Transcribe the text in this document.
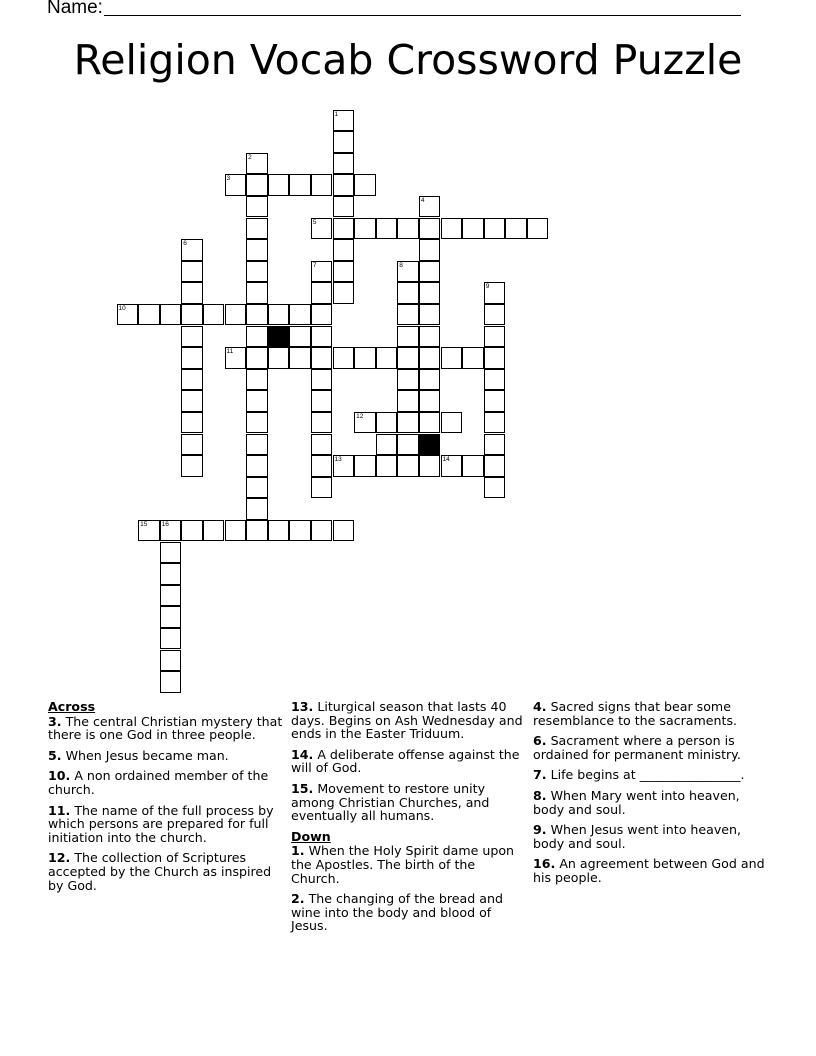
Name:
Religion Vocab Crossword Puzzle
1
2
3
4
5
6
7	8
9
10
11
12
13	14
15 16
Across
3. The central Christian mystery that there is one God in three people.
5. When Jesus became man.
10. A non ordained member of the church.
11. The name of the full process by which persons are prepared for full initiation into the church.
12. The collection of Scriptures accepted by the Church as inspired by God.
13. Liturgical season that lasts 40 days. Begins on Ash Wednesday and ends in the Easter Triduum.
14. A deliberate offense against the will of God.
15. Movement to restore unity among Christian Churches, and eventually all humans.
Down
1. When the Holy Spirit dame upon the Apostles. The birth of the Church.
2. The changing of the bread and wine into the body and blood of Jesus.
4. Sacred signs that bear some resemblance to the sacraments.
6. Sacrament where a person is ordained for permanent ministry.
7. Life begins at ________________.
8. When Mary went into heaven, body and soul.
9. When Jesus went into heaven, body and soul.
16. An agreement between God and his people.
